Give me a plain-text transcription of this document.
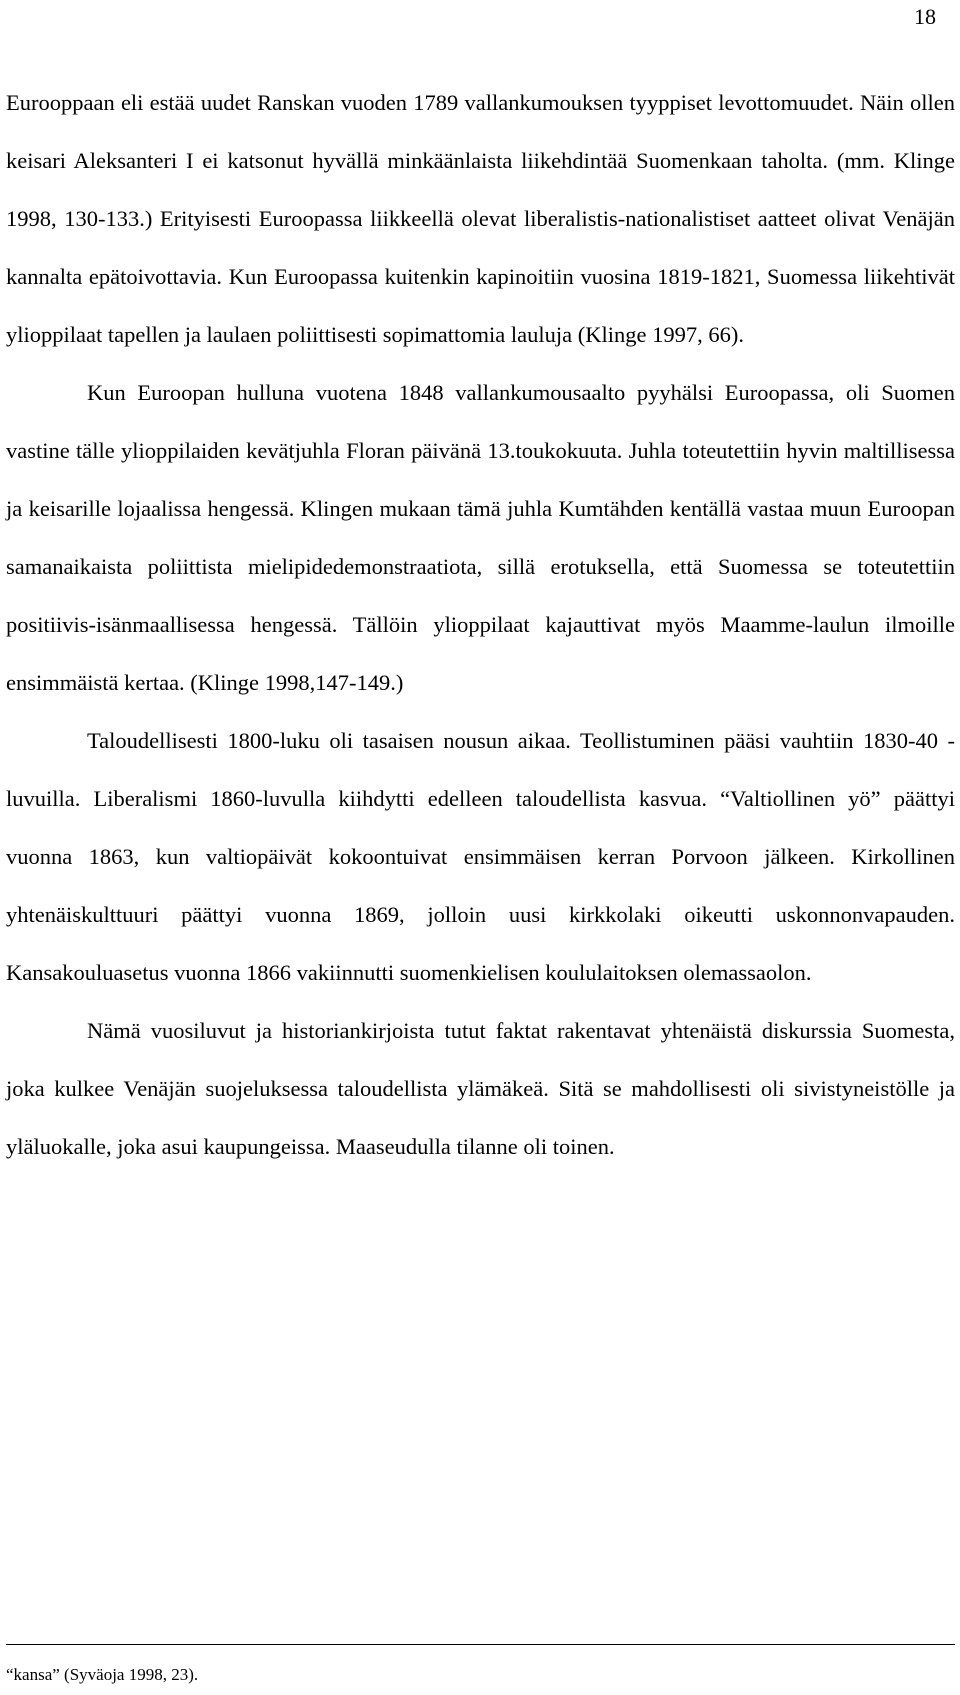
18

Eurooppaan eli estää uudet Ranskan vuoden 1789 vallankumouksen tyyppiset levottomuudet. Näin ollen keisari Aleksanteri I ei katsonut hyvällä minkäänlaista liikehdintää Suomenkaan taholta. (mm. Klinge 1998, 130-133.) Erityisesti Euroopassa liikkeellä olevat liberalistis-nationalistiset aatteet olivat Venäjän kannalta epätoivottavia. Kun Euroopassa kuitenkin kapinoitiin vuosina 1819-1821, Suomessa liikehtivät ylioppilaat tapellen ja laulaen poliittisesti sopimattomia lauluja (Klinge 1997, 66).

Kun Euroopan hulluna vuotena 1848 vallankumousaalto pyyhälsi Euroopassa, oli Suomen vastine tälle ylioppilaiden kevätjuhla Floran päivänä 13.toukokuuta. Juhla toteutettiin hyvin maltillisessa ja keisarille lojaalissa hengessä. Klingen mukaan tämä juhla Kumtähden kentällä vastaa muun Euroopan samanaikaista poliittista mielipidedemonstraatiota, sillä erotuksella, että Suomessa se toteutettiin positiivis-isänmaallisessa hengessä. Tällöin ylioppilaat kajauttivat myös Maamme-laulun ilmoille ensimmäistä kertaa. (Klinge 1998,147-149.)

Taloudellisesti 1800-luku oli tasaisen nousun aikaa. Teollistuminen pääsi vauhtiin 1830-40 -luvuilla. Liberalismi 1860-luvulla kiihdytti edelleen taloudellista kasvua. “Valtiollinen yö” päättyi vuonna 1863, kun valtiopäivät kokoontuivat ensimmäisen kerran Porvoon jälkeen. Kirkollinen yhtenäiskulttuuri päättyi vuonna 1869, jolloin uusi kirkkolaki oikeutti uskonnonvapauden. Kansakouluasetus vuonna 1866 vakiinnutti suomenkielisen koululaitoksen olemassaolon.

Nämä vuosiluvut ja historiankirjoista tutut faktat rakentavat yhtenäistä diskurssia Suomesta, joka kulkee Venäjän suojeluksessa taloudellista ylämäkeä. Sitä se mahdollisesti oli sivistyneistölle ja yläluokalle, joka asui kaupungeissa. Maaseudulla tilanne oli toinen.

“kansa” (Syväoja 1998, 23).
